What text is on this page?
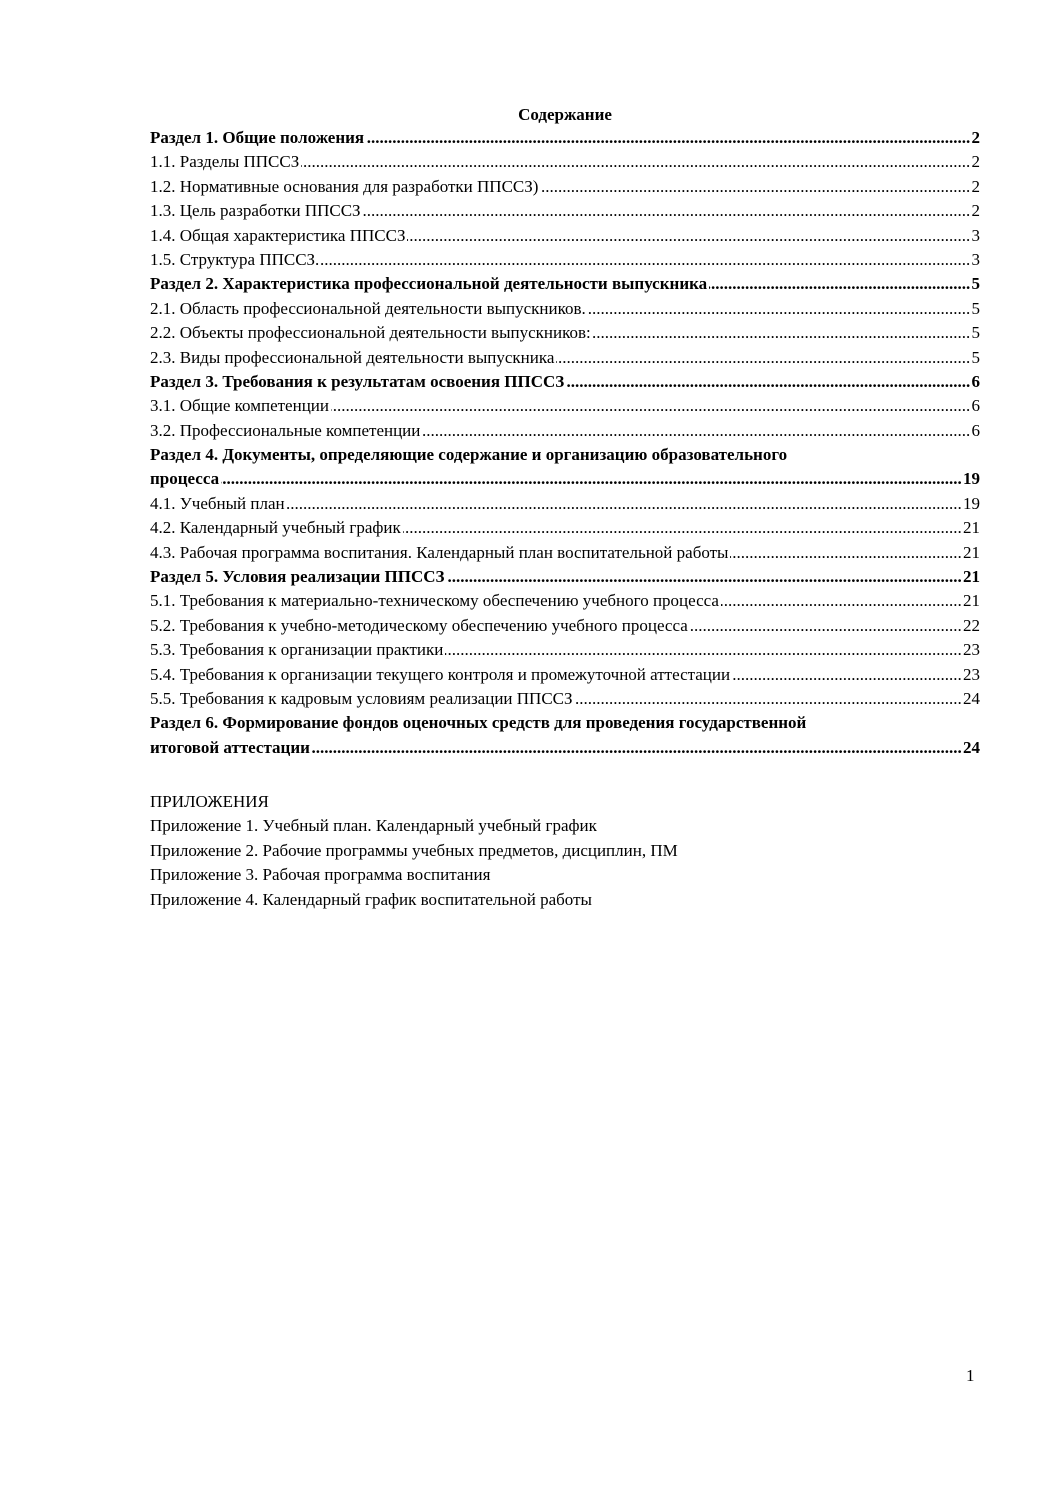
Содержание
.....
Раздел 1. Общие положения	2
.....
1.1. Разделы ППССЗ	2
.....
1.2. Нормативные основания для разработки ППССЗ)	2
.....
1.3. Цель разработки ППССЗ	2
.....
1.4. Общая характеристика ППССЗ	3
.....
1.5. Структура ППССЗ.	3
.....
Раздел 2. Характеристика профессиональной деятельности выпускника	5
.....
2.1. Область профессиональной деятельности выпускников.	5
.....
2.2. Объекты профессиональной деятельности выпускников:	5
.....
2.3. Виды профессиональной деятельности выпускника	5
.....
Раздел 3. Требования к результатам освоения ППССЗ	6
.....
3.1. Общие компетенции	6
.....
3.2. Профессиональные компетенции	6
Раздел 4. Документы, определяющие содержание и организацию образовательного
.....
процесса	19
.....
4.1. Учебный план	19
.....
4.2. Календарный учебный график	21
.....
4.3. Рабочая программа воспитания. Календарный план воспитательной работы	21
.....
Раздел 5. Условия реализации ППССЗ	21
.....
5.1. Требования к материально-техническому обеспечению учебного процесса	21
.....
5.2. Требования к учебно-методическому обеспечению учебного процесса	22
.....
5.3. Требования к организации практики	23
.....
5.4. Требования к организации текущего контроля и промежуточной аттестации	23
.....
5.5. Требования к кадровым условиям реализации ППССЗ	24
Раздел 6. Формирование фондов оценочных средств для проведения государственной
.....
итоговой аттестации	24
ПРИЛОЖЕНИЯ
Приложение 1. Учебный план. Календарный учебный график
Приложение 2. Рабочие программы учебных предметов, дисциплин, ПМ
Приложение 3. Рабочая программа воспитания
Приложение 4. Календарный график воспитательной работы
1
